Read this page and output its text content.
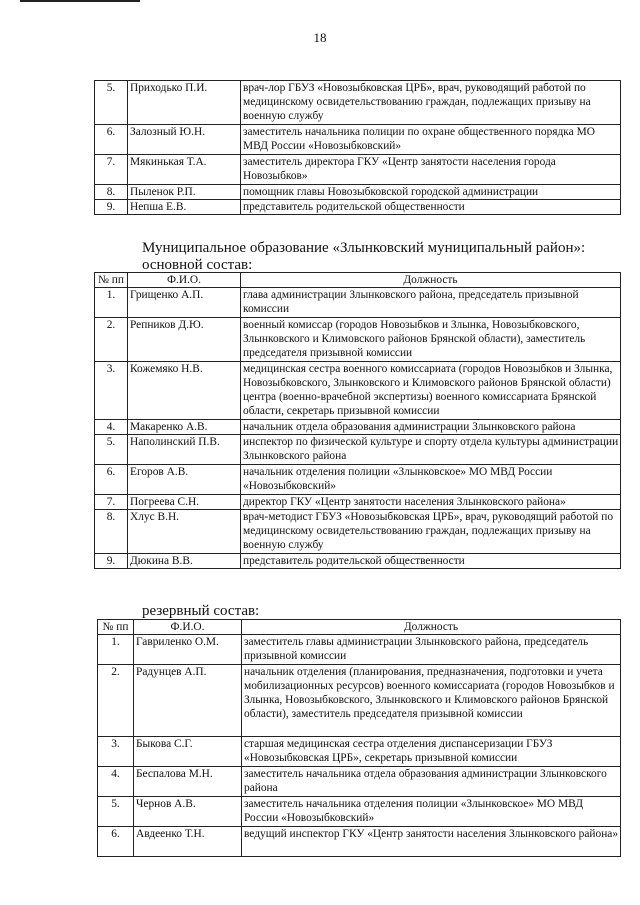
18
5.	Приходько П.И.	врач-лор ГБУЗ «Новозыбковская ЦРБ», врач, руководящий работой по медицинскому освидетельствованию граждан, подлежащих призыву на военную службу
6.	Залозный Ю.Н.	заместитель начальника полиции по охране общественного порядка МО МВД России «Новозыбковский»
7.	Мякинькая Т.А.	заместитель директора ГКУ «Центр занятости населения города Новозыбков»
8.	Пыленок Р.П.	помощник главы Новозыбковской городской администрации
9.	Непша Е.В.	представитель родительской общественности
Муниципальное образование «Злынковский муниципальный район»:
основной состав:
№ пп	Ф.И.О.	Должность
1.	Грищенко А.П.	глава администрации Злынковского района, председатель призывной комиссии
2.	Репников Д.Ю.	военный комиссар (городов Новозыбков и Злынка, Новозыбковского, Злынковского и Климовского районов Брянской области), заместитель председателя призывной комиссии
3.	Кожемяко Н.В.	медицинская сестра военного комиссариата (городов Новозыбков и Злынка, Новозыбковского, Злынковского и Климовского районов Брянской области) центра (военно-врачебной экспертизы) военного комиссариата Брянской области, секретарь призывной комиссии
4.	Макаренко А.В.	начальник отдела образования администрации Злынковского района
5.	Наполинский П.В.	инспектор по физической культуре и спорту отдела культуры администрации Злынковского района
6.	Егоров А.В.	начальник отделения полиции «Злынковское» МО МВД России «Новозыбковский»
7.	Погреева С.Н.	директор ГКУ «Центр занятости населения Злынковского района»
8.	Хлус В.Н.	врач-методист ГБУЗ «Новозыбковская ЦРБ», врач, руководящий работой по медицинскому освидетельствованию граждан, подлежащих призыву на военную службу
9.	Дюкина В.В.	представитель родительской общественности
резервный состав:
№ пп	Ф.И.О.	Должность
1.	Гавриленко О.М.	заместитель главы администрации Злынковского района, председатель призывной комиссии
2.	Радунцев А.П.	начальник отделения (планирования, предназначения, подготовки и учета мобилизационных ресурсов) военного комиссариата (городов Новозыбков и Злынка, Новозыбковского, Злынковского и Климовского районов Брянской области), заместитель председателя призывной комиссии
3.	Быкова С.Г.	старшая медицинская сестра отделения диспансеризации ГБУЗ «Новозыбковская ЦРБ», секретарь призывной комиссии
4.	Беспалова М.Н.	заместитель начальника отдела образования администрации Злынковского района
5.	Чернов А.В.	заместитель начальника отделения полиции «Злынковское» МО МВД России «Новозыбковский»
6.	Авдеенко Т.Н.	ведущий инспектор ГКУ «Центр занятости населения Злынковского района»
